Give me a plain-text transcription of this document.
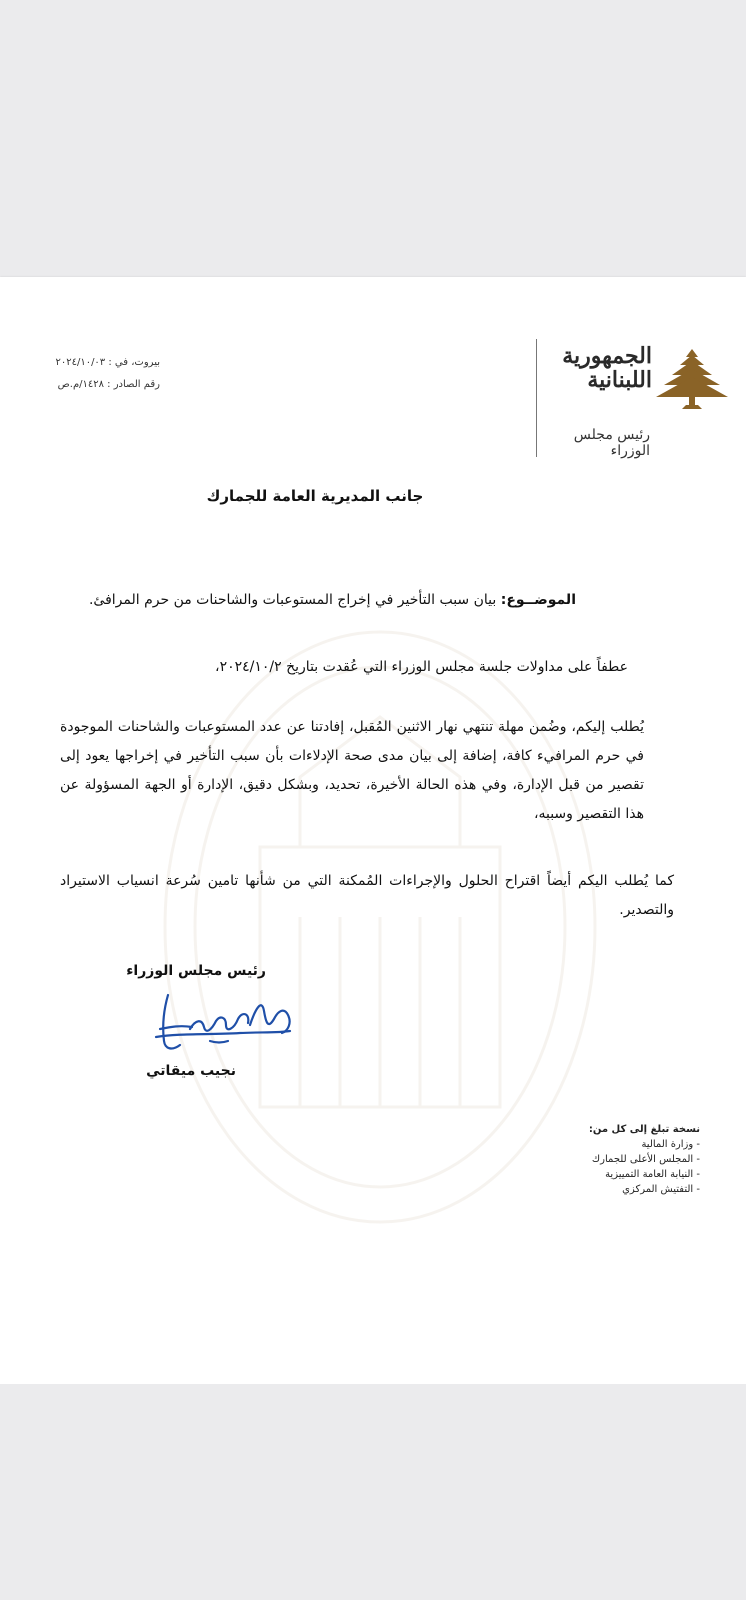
الجمهورية
اللبنانية
رئيس مجلس الوزراء
بيروت، في : ٢٠٢٤/١٠/٠٣
رقم الصادر : ١٤٢٨/م.ص
جانب المديرية العامة للجمارك
الموضــوع: بيان سبب التأخير في إخراج المستوعبات والشاحنات من حرم المرافئ.
عطفاً على مداولات جلسة مجلس الوزراء التي عُقدت بتاريخ ٢٠٢٤/١٠/٢،
يُطلب إليكم، وضُمن مهلة تنتهي نهار الاثنين المُقبل، إفادتنا عن عدد المستوعبات والشاحنات الموجودة في حرم المرافيء كافة، إضافة إلى بيان مدى صحة الإدلاءات بأن سبب التأخير في إخراجها يعود إلى تقصير من قبل الإدارة، وفي هذه الحالة الأخيرة، تحديد، وبشكل دقيق، الإدارة أو الجهة المسؤولة عن هذا التقصير وسببه،
كما يُطلب اليكم أيضاً اقتراح الحلول والإجراءات المُمكنة التي من شأنها تامين سُرعة انسياب الاستيراد والتصدير.
رئيس مجلس الوزراء
نجيب ميقاتي
نسخة تبلغ إلى كل من:
- وزارة المالية
- المجلس الأعلى للجمارك
- النيابة العامة التمييزية
- التفتيش المركزي
